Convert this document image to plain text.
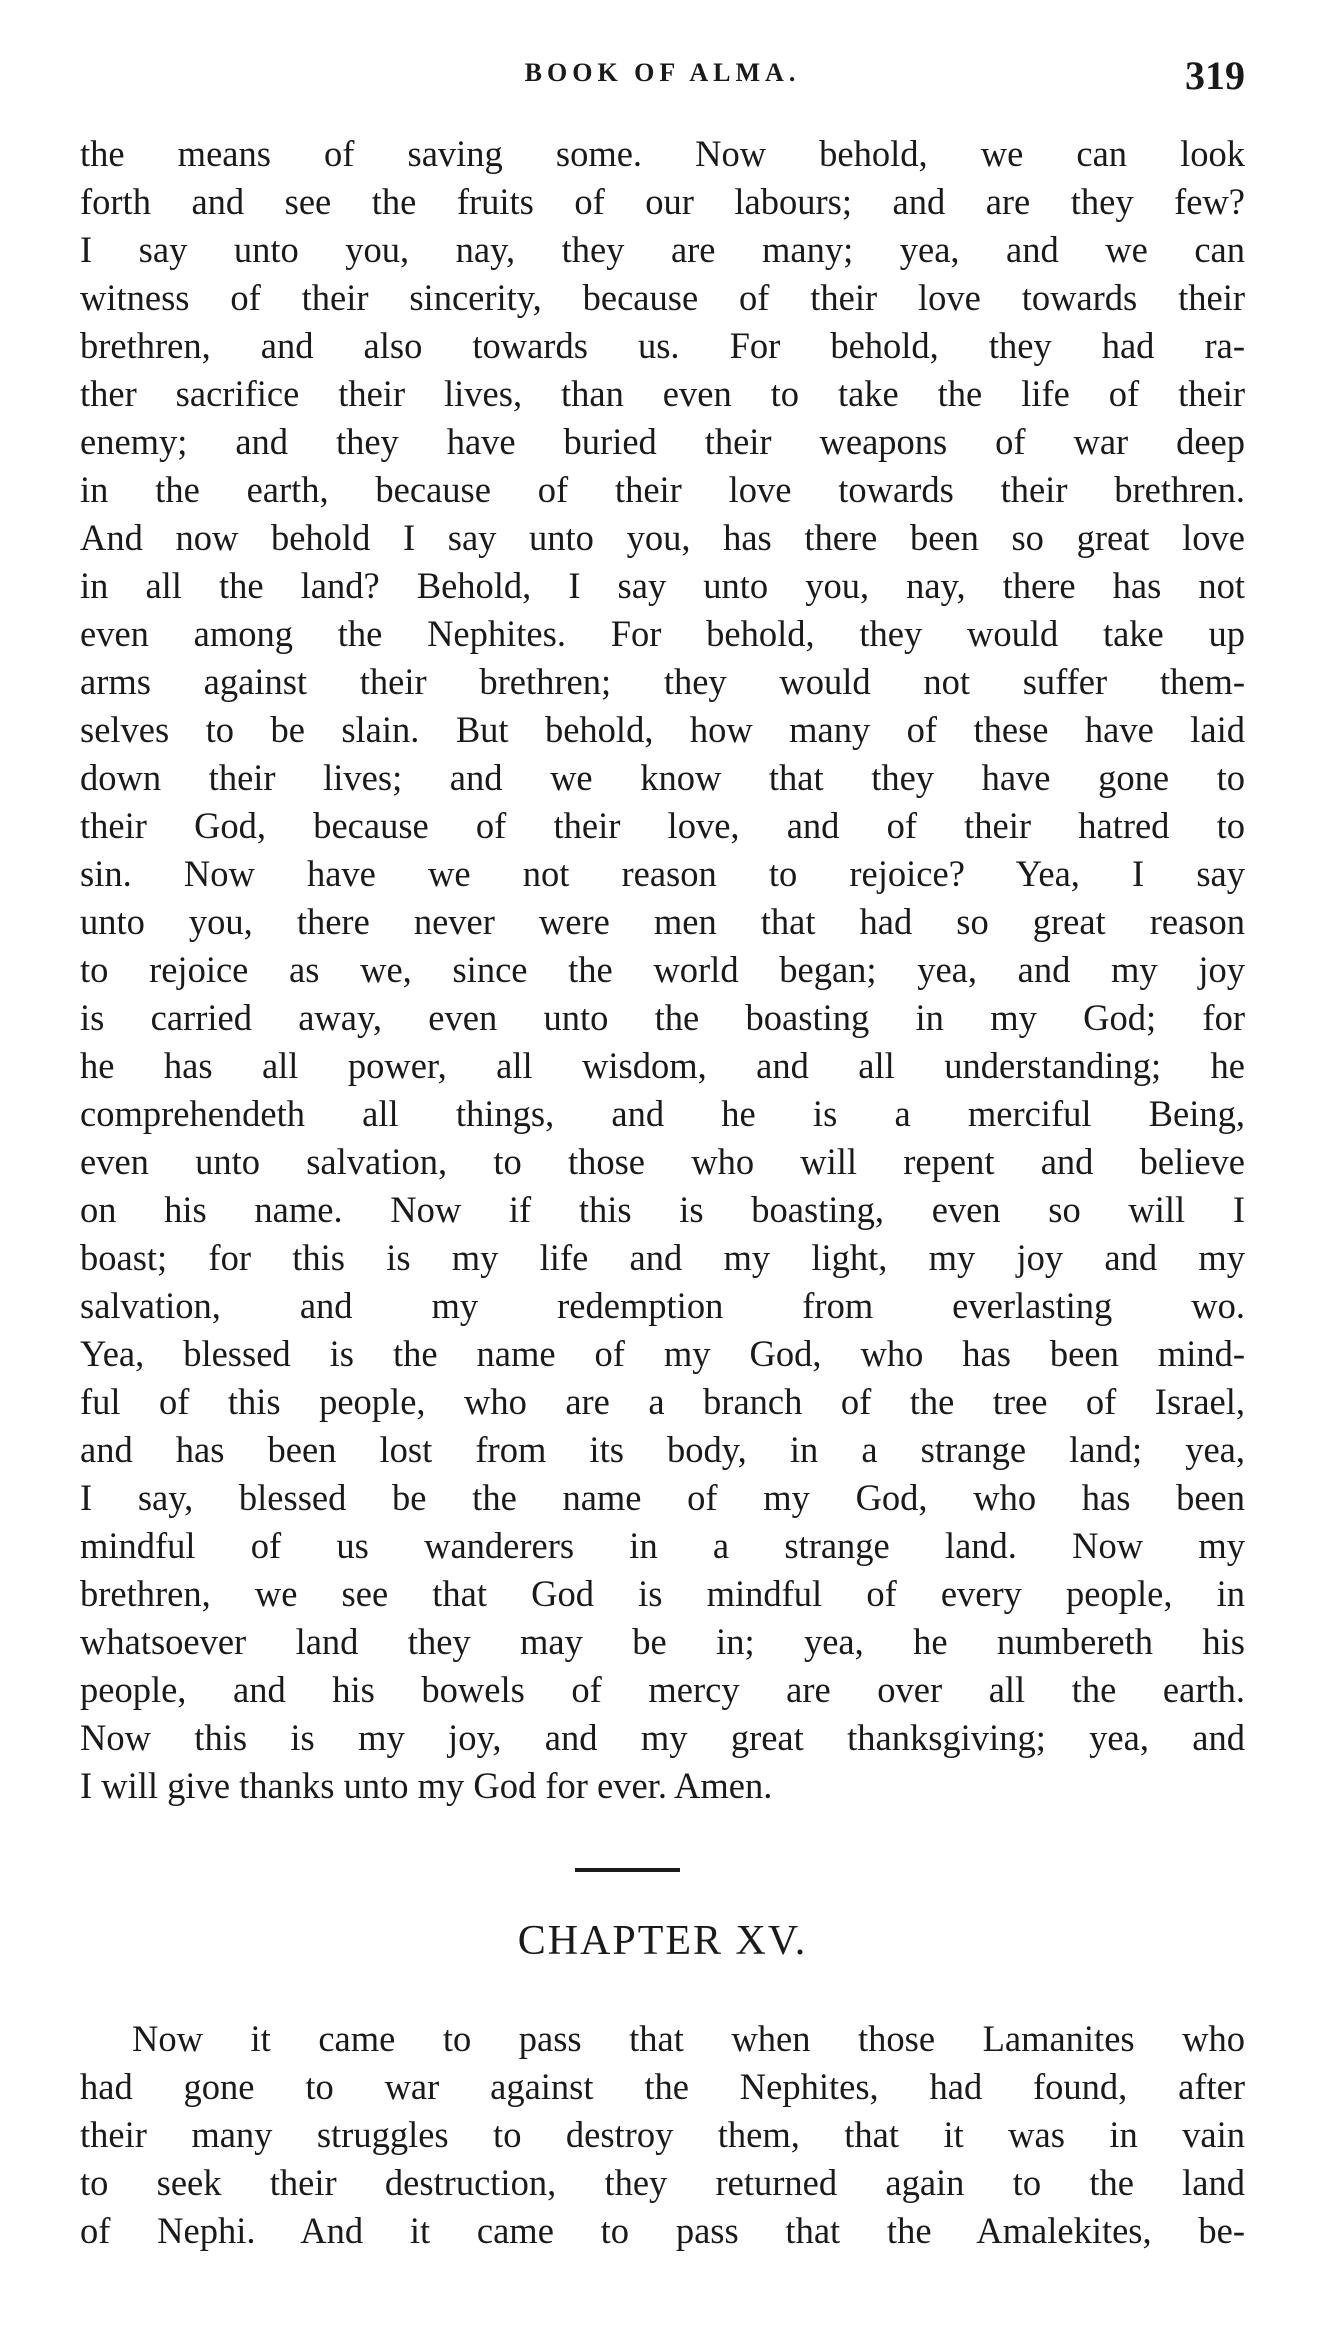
BOOK OF ALMA.	319
the means of saving some. Now behold, we can look
forth and see the fruits of our labours; and are they few?
I say unto you, nay, they are many; yea, and we can
witness of their sincerity, because of their love towards their
brethren, and also towards us. For behold, they had ra-
ther sacrifice their lives, than even to take the life of their
enemy; and they have buried their weapons of war deep
in the earth, because of their love towards their brethren.
And now behold I say unto you, has there been so great love
in all the land? Behold, I say unto you, nay, there has not
even among the Nephites. For behold, they would take up
arms against their brethren; they would not suffer them-
selves to be slain. But behold, how many of these have laid
down their lives; and we know that they have gone to
their God, because of their love, and of their hatred to
sin. Now have we not reason to rejoice? Yea, I say
unto you, there never were men that had so great reason
to rejoice as we, since the world began; yea, and my joy
is carried away, even unto the boasting in my God; for
he has all power, all wisdom, and all understanding; he
comprehendeth all things, and he is a merciful Being,
even unto salvation, to those who will repent and believe
on his name. Now if this is boasting, even so will I
boast; for this is my life and my light, my joy and my
salvation, and my redemption from everlasting wo.
Yea, blessed is the name of my God, who has been mind-
ful of this people, who are a branch of the tree of Israel,
and has been lost from its body, in a strange land; yea,
I say, blessed be the name of my God, who has been
mindful of us wanderers in a strange land. Now my
brethren, we see that God is mindful of every people, in
whatsoever land they may be in; yea, he numbereth his
people, and his bowels of mercy are over all the earth.
Now this is my joy, and my great thanksgiving; yea, and
I will give thanks unto my God for ever. Amen.
CHAPTER XV.
Now it came to pass that when those Lamanites who
had gone to war against the Nephites, had found, after
their many struggles to destroy them, that it was in vain
to seek their destruction, they returned again to the land
of Nephi. And it came to pass that the Amalekites, be-
